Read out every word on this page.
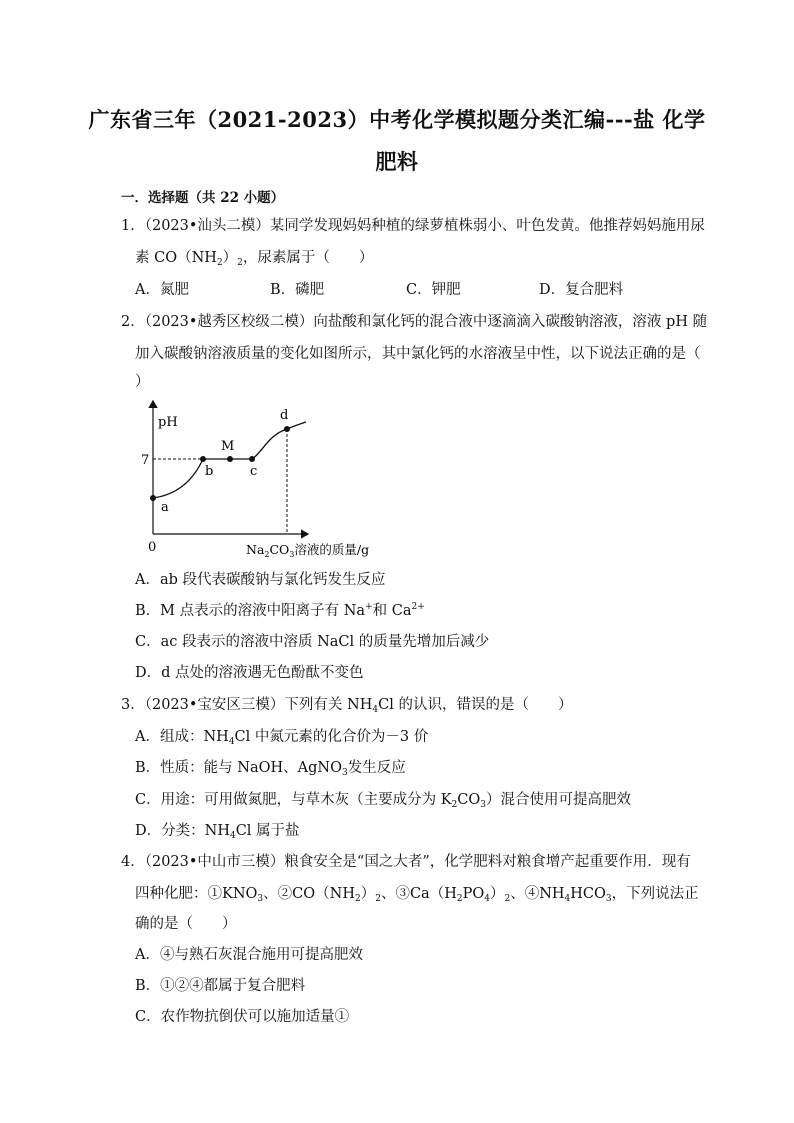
广东省三年（2021-2023）中考化学模拟题分类汇编---盐 化学
肥料
一．选择题（共 22 小题）
1．（2023•汕头二模）某同学发现妈妈种植的绿萝植株弱小、叶色发黄。他推荐妈妈施用尿
素 $CO(NH_2)_2$，尿素属于（　　）
A．氮肥	B．磷肥	C．钾肥	D．复合肥料
2．（2023•越秀区校级二模）向盐酸和氯化钙的混合液中逐滴滴入碳酸钠溶液，溶液 pH 随
加入碳酸钠溶液质量的变化如图所示，其中氯化钙的水溶液呈中性，以下说法正确的是（
）
pH
7
0
a
b
M
c
d
$Na_2CO_3$溶液的质量/g
A．ab 段代表碳酸钠与氯化钙发生反应
B．M 点表示的溶液中阳离子有 Na+和 $Ca^{2+}$
C．ac 段表示的溶液中溶质 NaCl 的质量先增加后减少
D．d 点处的溶液遇无色酚酞不变色
3．（2023•宝安区三模）下列有关 $NH_4Cl$ 的认识，错误的是（　　）
A．组成：$NH_4Cl$ 中氮元素的化合价为－3 价
B．性质：能与 NaOH、AgNO$_3$发生反应
C．用途：可用做氮肥，与草木灰（主要成分为 $K_2CO_3$）混合使用可提高肥效
D．分类：$NH_4Cl$ 属于盐
4．（2023•中山市三模）粮食安全是“国之大者”，化学肥料对粮食增产起重要作用．现有
四种化肥：$①KNO_3$、$②CO(NH_2)_2$、$③Ca(H_2PO_4)_2$、$④NH_4HCO_3$，下列说法正
确的是（　　）
A．④与熟石灰混合施用可提高肥效
B．①②④都属于复合肥料
C．农作物抗倒伏可以施加适量①
